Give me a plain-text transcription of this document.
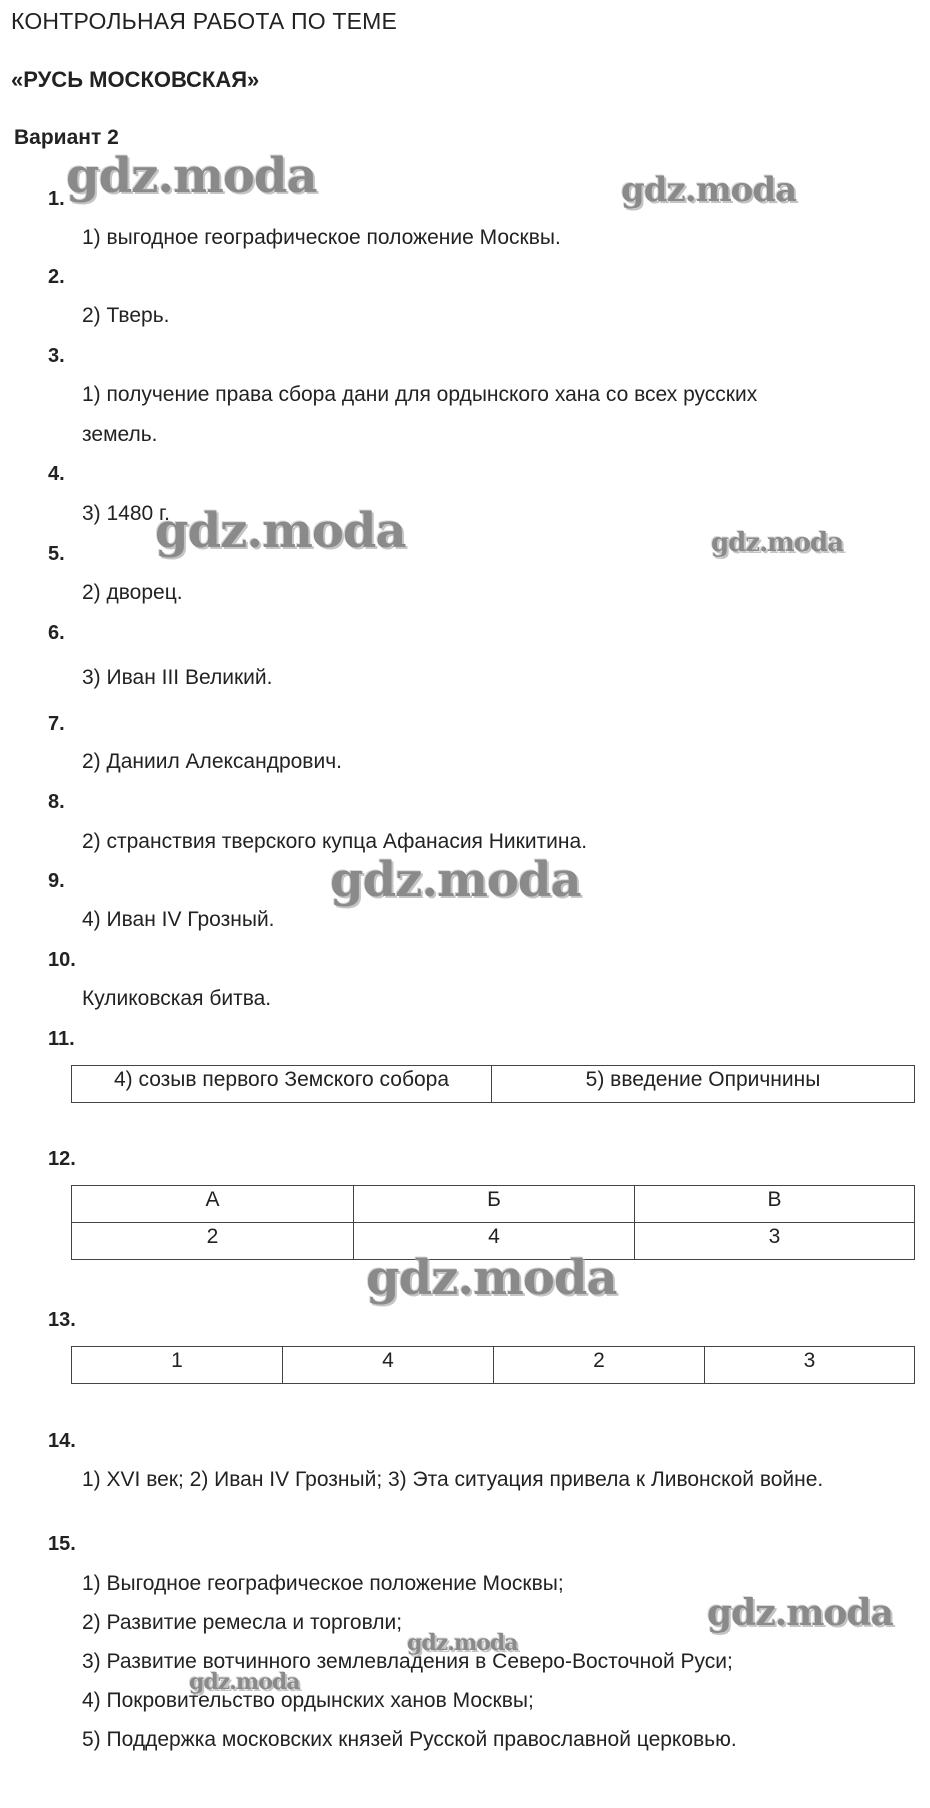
КОНТРОЛЬНАЯ РАБОТА ПО ТЕМЕ
«РУСЬ МОСКОВСКАЯ»
Вариант 2
1.
1) выгодное географическое положение Москвы.
2.
2) Тверь.
3.
1) получение права сбора дани для ордынского хана со всех русских
земель.
4.
3) 1480 г.
5.
2) дворец.
6.
3) Иван III Великий.
7.
2) Даниил Александрович.
8.
2) странствия тверского купца Афанасия Никитина.
9.
4) Иван IV Грозный.
10.
Куликовская битва.
11.
4) созыв первого Земского собора	5) введение Опричнины
12.
А	Б	В
2	4	3
13.
1	4	2	3
14.
1) XVI век; 2) Иван IV Грозный; 3) Эта ситуация привела к Ливонской войне.
15.
1) Выгодное географическое положение Москвы;
2) Развитие ремесла и торговли;
3) Развитие вотчинного землевладения в Северо-Восточной Руси;
4) Покровительство ордынских ханов Москвы;
5) Поддержка московских князей Русской православной церковью.
gdz.moda	gdz.moda
gdz.moda	gdz.moda
gdz.moda
gdz.moda
gdz.moda
gdz.moda
gdz.moda
